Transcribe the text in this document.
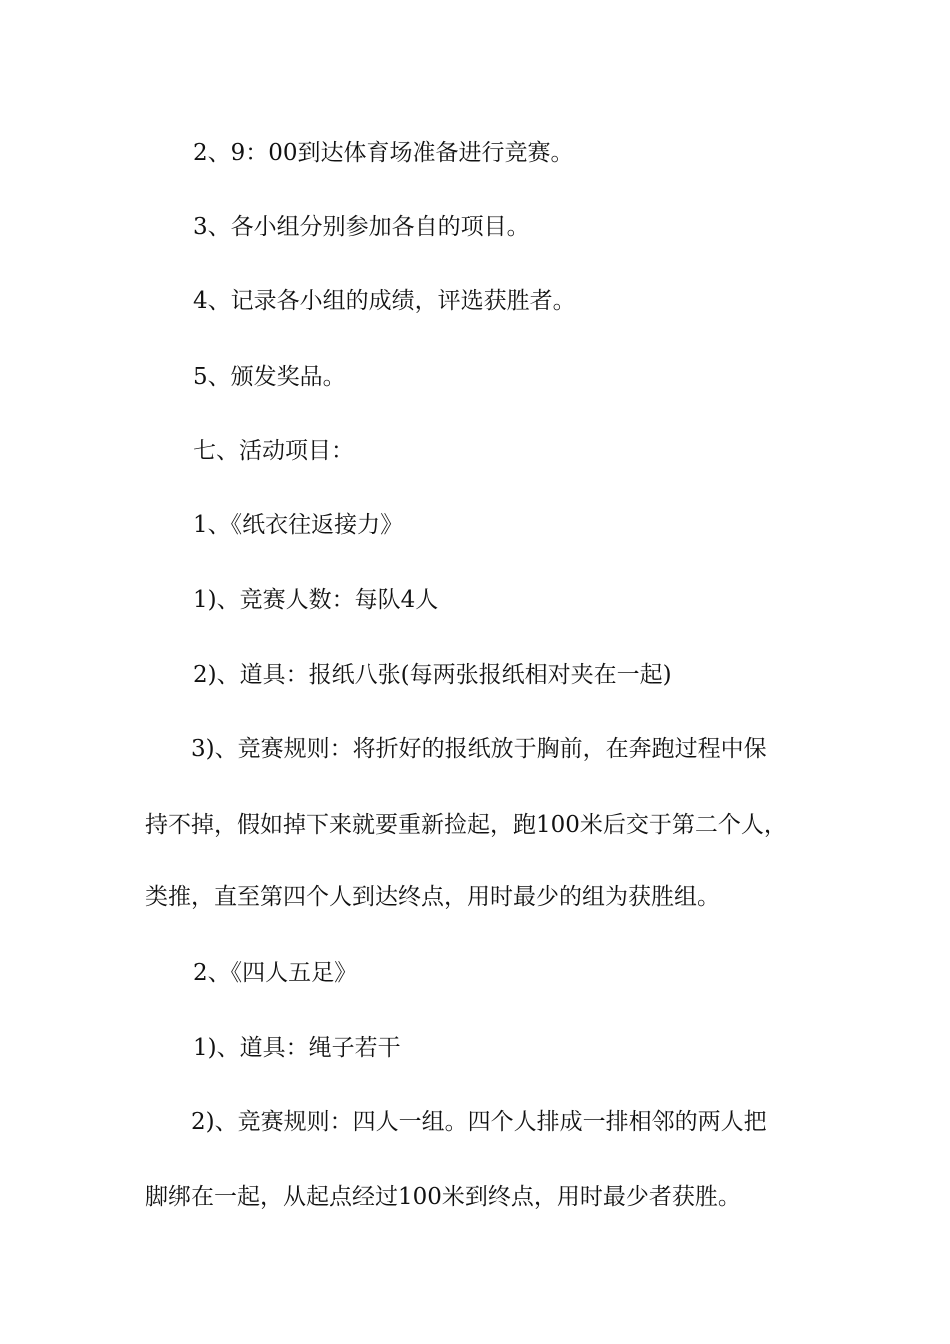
2、9：00到达体育场准备进行竞赛。
3、各小组分别参加各自的项目。
4、记录各小组的成绩，评选获胜者。
5、颁发奖品。
七、活动项目：
1、《纸衣往返接力》
1)、竞赛人数：每队4人
2)、道具：报纸八张(每两张报纸相对夹在一起)
3)、竞赛规则：将折好的报纸放于胸前，在奔跑过程中保
持不掉，假如掉下来就要重新捡起，跑100米后交于第二个人，
类推，直至第四个人到达终点，用时最少的组为获胜组。
2、《四人五足》
1)、道具：绳子若干
2)、竞赛规则：四人一组。四个人排成一排相邻的两人把
脚绑在一起，从起点经过100米到终点，用时最少者获胜。
